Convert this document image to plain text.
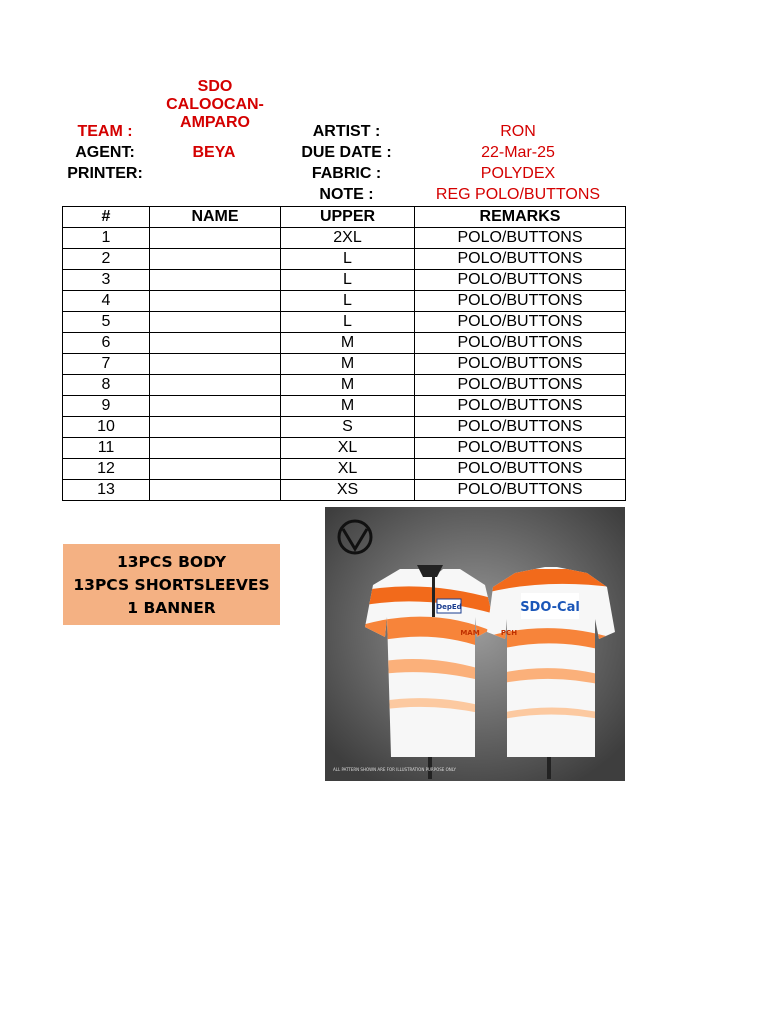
TEAM :
SDO
CALOOCAN-
AMPARO
AGENT:	BEYA
PRINTER:
ARTIST :	RON
DUE DATE :	22-Mar-25
FABRIC :	POLYDEX
NOTE :	REG POLO/BUTTONS
#	NAME	UPPER	REMARKS
1		2XL	POLO/BUTTONS
2		L	POLO/BUTTONS
3		L	POLO/BUTTONS
4		L	POLO/BUTTONS
5		L	POLO/BUTTONS
6		M	POLO/BUTTONS
7		M	POLO/BUTTONS
8		M	POLO/BUTTONS
9		M	POLO/BUTTONS
10		S	POLO/BUTTONS
11		XL	POLO/BUTTONS
12		XL	POLO/BUTTONS
13		XS	POLO/BUTTONS
13PCS BODY
13PCS SHORTSLEEVES
1 BANNER	DepEd
MAM
SDO-Cal
PCH
ALL PATTERN SHOWN ARE FOR ILLUSTRATION PURPOSE ONLY
